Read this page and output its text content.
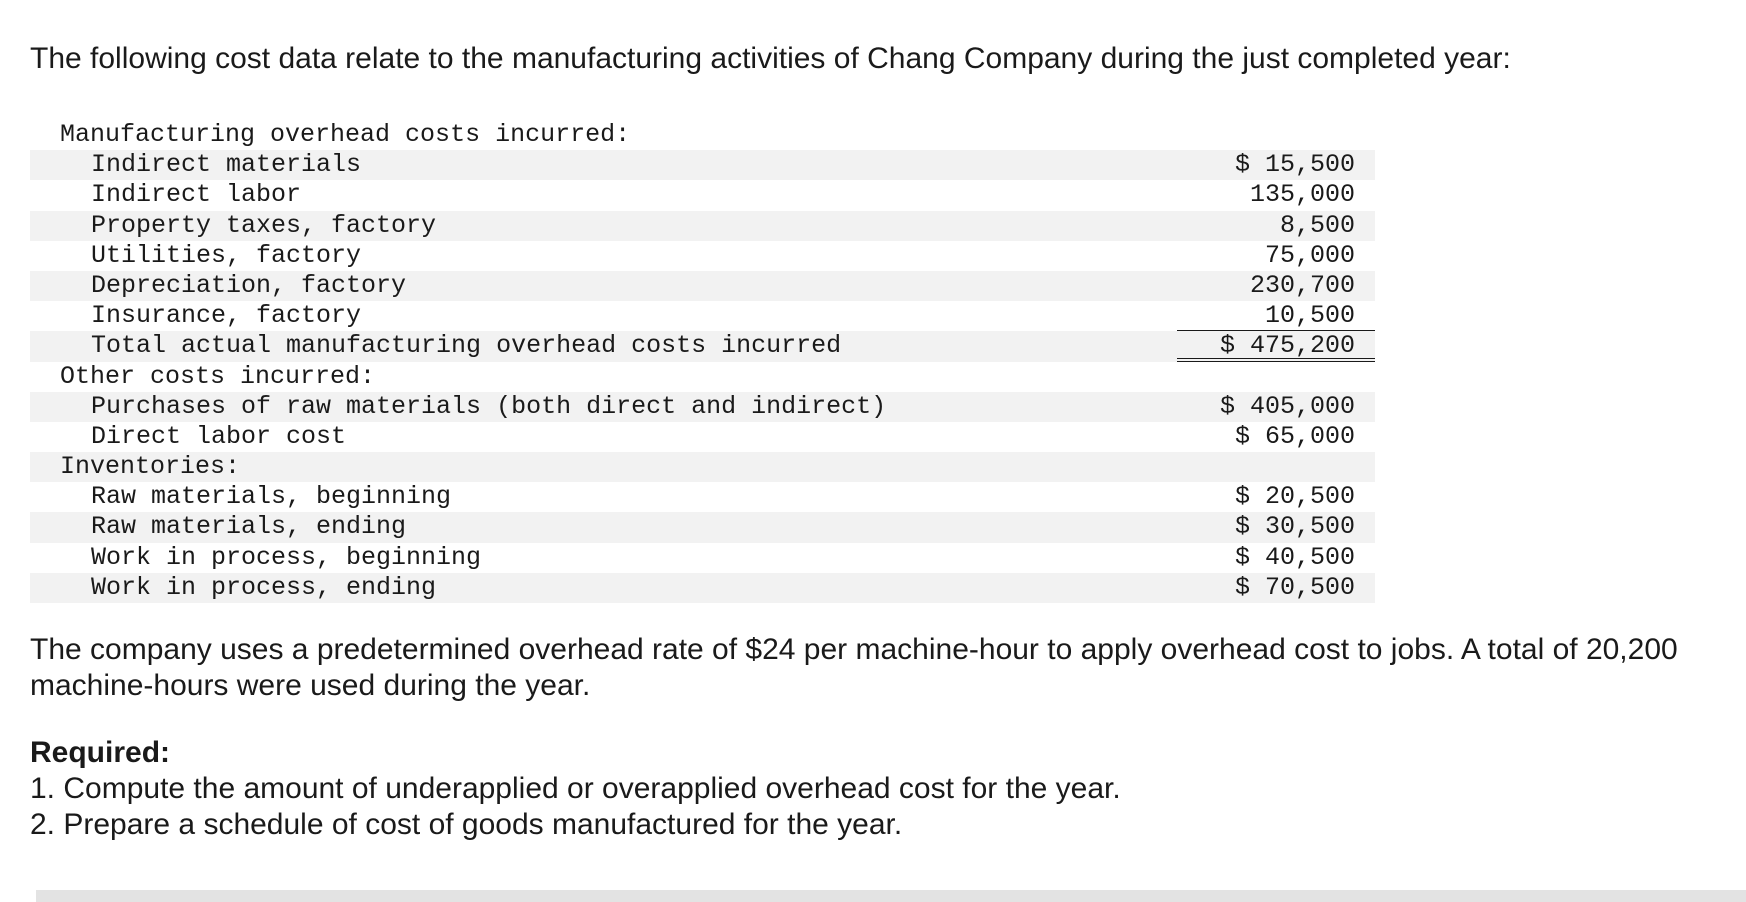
The following cost data relate to the manufacturing activities of Chang Company during the just completed year:

Manufacturing overhead costs incurred:
Indirect materials	$ 15,500
Indirect labor	135,000
Property taxes, factory	8,500
Utilities, factory	75,000
Depreciation, factory	230,700
Insurance, factory	10,500
Total actual manufacturing overhead costs incurred	$ 475,200
Other costs incurred:
Purchases of raw materials (both direct and indirect)	$ 405,000
Direct labor cost	$ 65,000
Inventories:
Raw materials, beginning	$ 20,500
Raw materials, ending	$ 30,500
Work in process, beginning	$ 40,500
Work in process, ending	$ 70,500

The company uses a predetermined overhead rate of $24 per machine-hour to apply overhead cost to jobs. A total of 20,200 machine-hours were used during the year.

Required:

1. Compute the amount of underapplied or overapplied overhead cost for the year.
2. Prepare a schedule of cost of goods manufactured for the year.
